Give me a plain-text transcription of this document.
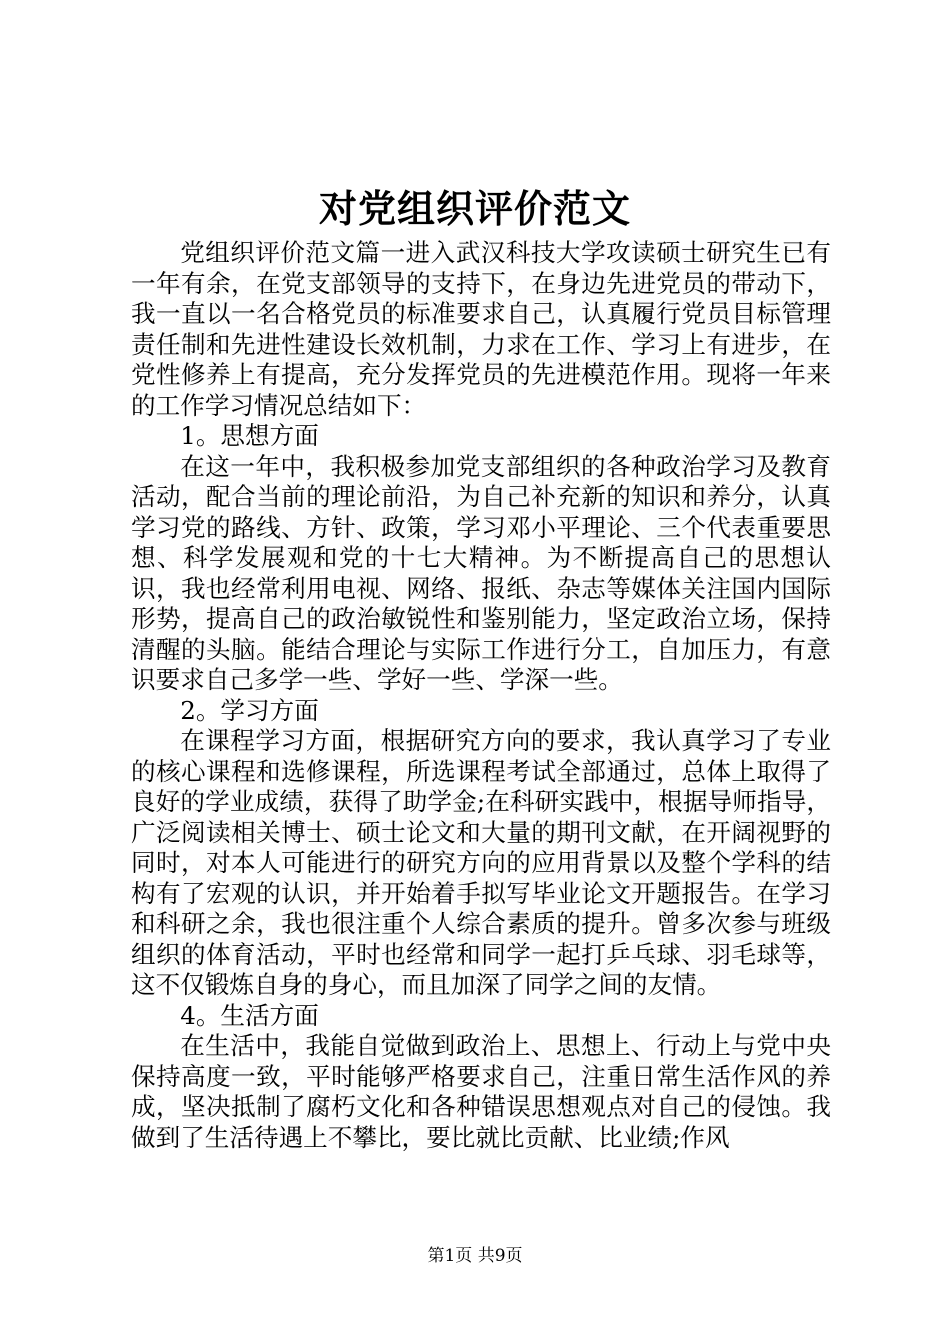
对党组织评价范文

党组织评价范文篇一进入武汉科技大学攻读硕士研究生已有一年有余，在党支部领导的支持下，在身边先进党员的带动下，我一直以一名合格党员的标准要求自己，认真履行党员目标管理责任制和先进性建设长效机制，力求在工作、学习上有进步，在党性修养上有提高，充分发挥党员的先进模范作用。现将一年来的工作学习情况总结如下：

1。思想方面

在这一年中，我积极参加党支部组织的各种政治学习及教育活动，配合当前的理论前沿，为自己补充新的知识和养分，认真学习党的路线、方针、政策，学习邓小平理论、三个代表重要思想、科学发展观和党的十七大精神。为不断提高自己的思想认识，我也经常利用电视、网络、报纸、杂志等媒体关注国内国际形势，提高自己的政治敏锐性和鉴别能力，坚定政治立场，保持清醒的头脑。能结合理论与实际工作进行分工，自加压力，有意识要求自己多学一些、学好一些、学深一些。

2。学习方面

在课程学习方面，根据研究方向的要求，我认真学习了专业的核心课程和选修课程，所选课程考试全部通过，总体上取得了良好的学业成绩，获得了助学金;在科研实践中，根据导师指导，广泛阅读相关博士、硕士论文和大量的期刊文献，在开阔视野的同时，对本人可能进行的研究方向的应用背景以及整个学科的结构有了宏观的认识，并开始着手拟写毕业论文开题报告。在学习和科研之余，我也很注重个人综合素质的提升。曾多次参与班级组织的体育活动，平时也经常和同学一起打乒乓球、羽毛球等，这不仅锻炼自身的身心，而且加深了同学之间的友情。

4。生活方面

在生活中，我能自觉做到政治上、思想上、行动上与党中央保持高度一致，平时能够严格要求自己，注重日常生活作风的养成，坚决抵制了腐朽文化和各种错误思想观点对自己的侵蚀。我做到了生活待遇上不攀比，要比就比贡献、比业绩;作风

第1页 共9页
